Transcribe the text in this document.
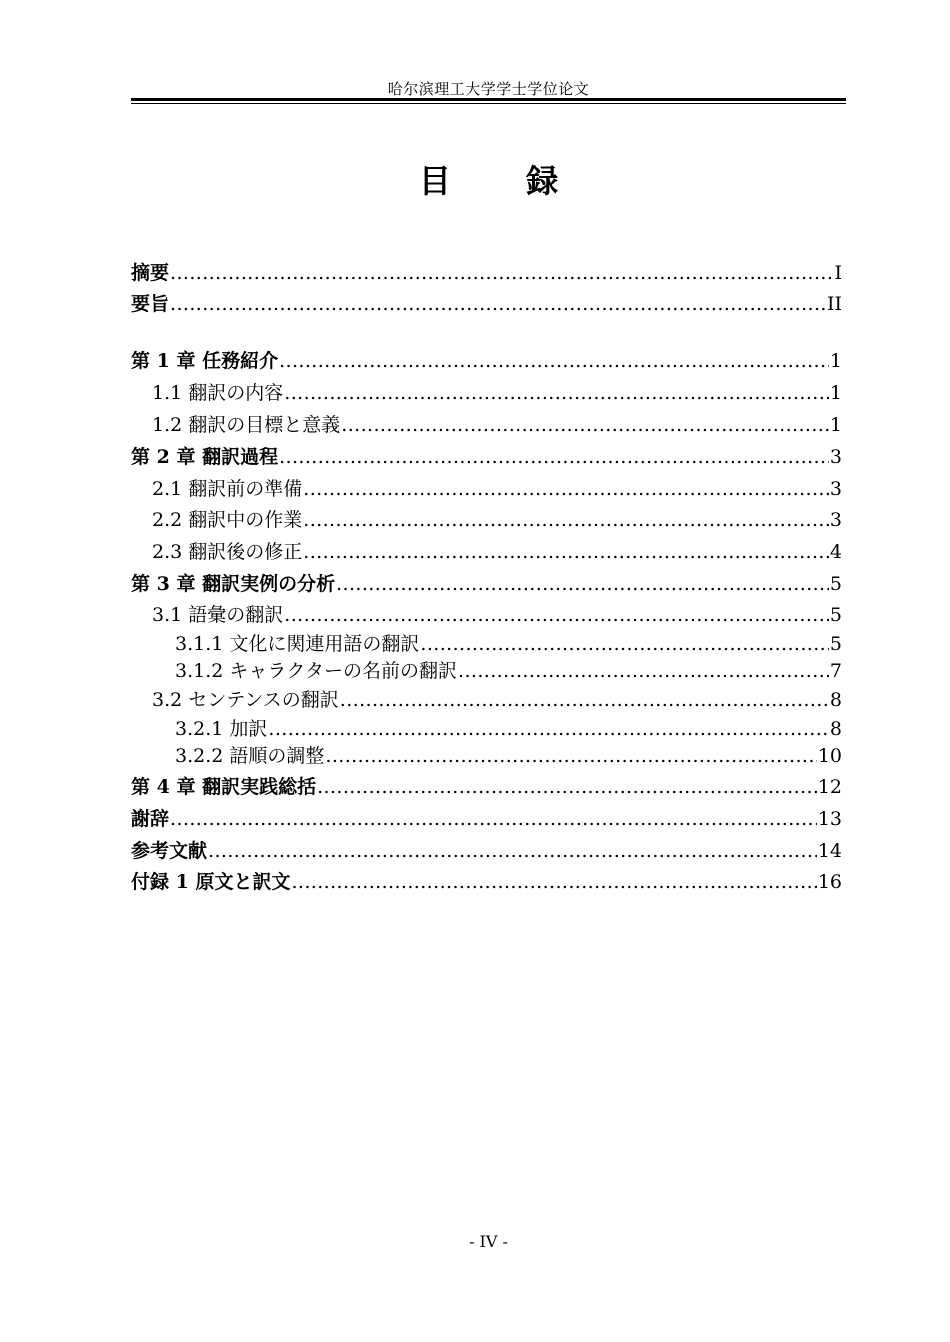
哈尔滨理工大学学士学位论文
目 録
摘要 .....	I
要旨 .....	II
第 1 章 任務紹介 .....	1
1.1 翻訳の内容 .....	1
1.2 翻訳の目標と意義 .....	1
第 2 章 翻訳過程 .....	3
2.1 翻訳前の準備 .....	3
2.2 翻訳中の作業 .....	3
2.3 翻訳後の修正 .....	4
第 3 章 翻訳実例の分析 .....	5
3.1 語彙の翻訳 .....	5
3.1.1 文化に関連用語の翻訳 .....	5
3.1.2 キャラクターの名前の翻訳 .....	7
3.2 センテンスの翻訳 .....	8
3.2.1 加訳 .....	8
3.2.2 語順の調整 .....	10
第 4 章 翻訳実践総括 .....	12
謝辞 .....	13
参考文献 .....	14
付録 1 原文と訳文 .....	16
- IV -
